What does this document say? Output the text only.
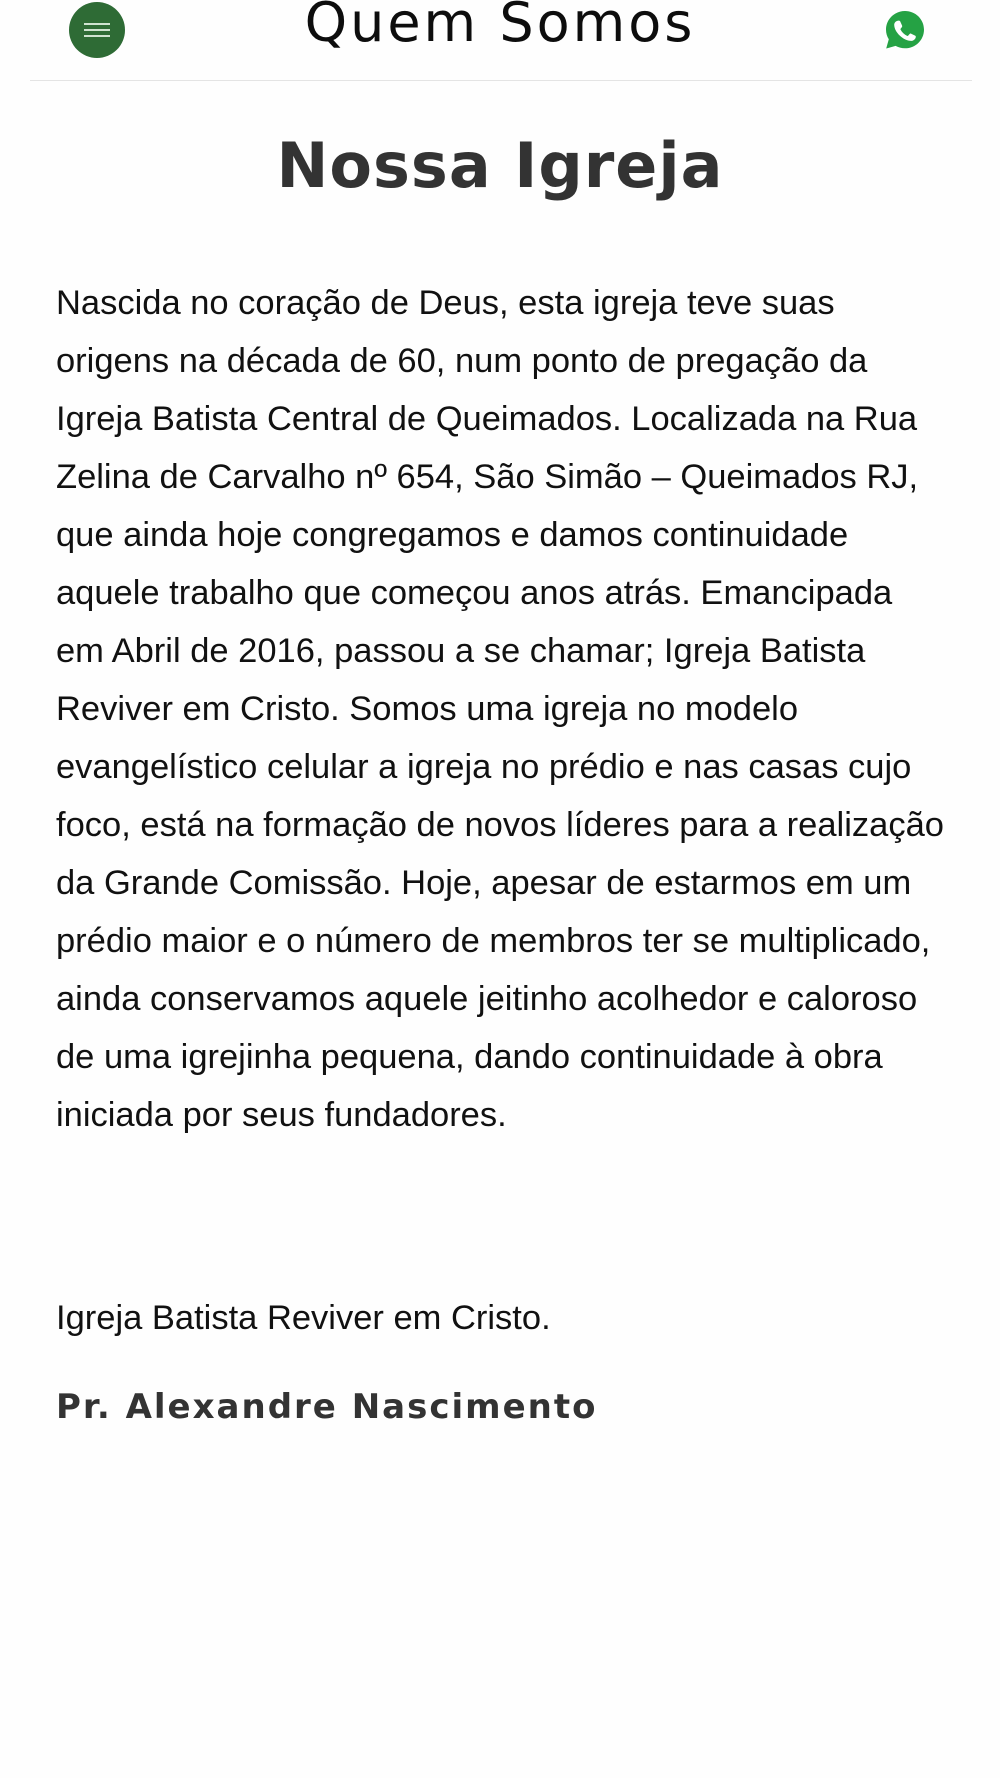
Quem Somos
Nossa Igreja

Nascida no coração de Deus, esta igreja teve suas origens na década de 60, num ponto de pregação da Igreja Batista Central de Queimados. Localizada na Rua Zelina de Carvalho nº 654, São Simão – Queimados RJ, que ainda hoje congregamos e damos continuidade aquele trabalho que começou anos atrás. Emancipada em Abril de 2016, passou a se chamar; Igreja Batista Reviver em Cristo. Somos uma igreja no modelo evangelístico celular a igreja no prédio e nas casas cujo foco, está na formação de novos líderes para a realização da Grande Comissão. Hoje, apesar de estarmos em um prédio maior e o número de membros ter se multiplicado, ainda conservamos aquele jeitinho acolhedor e caloroso de uma igrejinha pequena, dando continuidade à obra iniciada por seus fundadores.

Igreja Batista Reviver em Cristo.

Pr. Alexandre Nascimento
